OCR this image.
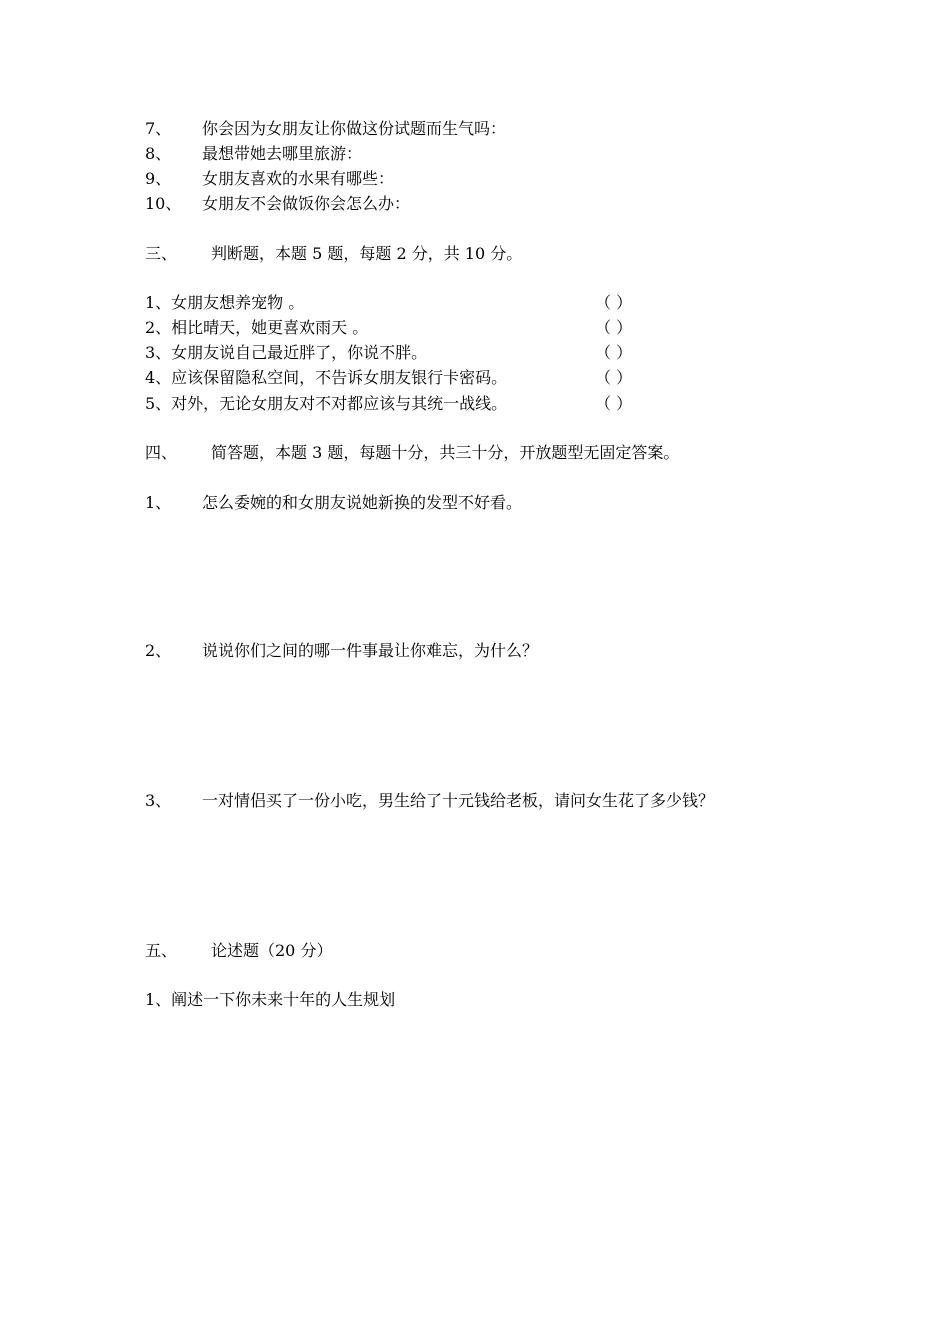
7、 你会因为女朋友让你做这份试题而生气吗：
8、 最想带她去哪里旅游：
9、 女朋友喜欢的水果有哪些：
10、 女朋友不会做饭你会怎么办：
三、 判断题，本题 5 题，每题 2 分，共 10 分。
1、女朋友想养宠物 。	（ ）
2、相比晴天，她更喜欢雨天 。	（ ）
3、女朋友说自己最近胖了，你说不胖。	（ ）
4、应该保留隐私空间，不告诉女朋友银行卡密码。	（ ）
5、对外，无论女朋友对不对都应该与其统一战线。	（ ）
四、 简答题，本题 3 题，每题十分，共三十分，开放题型无固定答案。
1、 怎么委婉的和女朋友说她新换的发型不好看。
2、 说说你们之间的哪一件事最让你难忘，为什么？
3、 一对情侣买了一份小吃，男生给了十元钱给老板，请问女生花了多少钱？
五、 论述题（20 分）
1、阐述一下你未来十年的人生规划
